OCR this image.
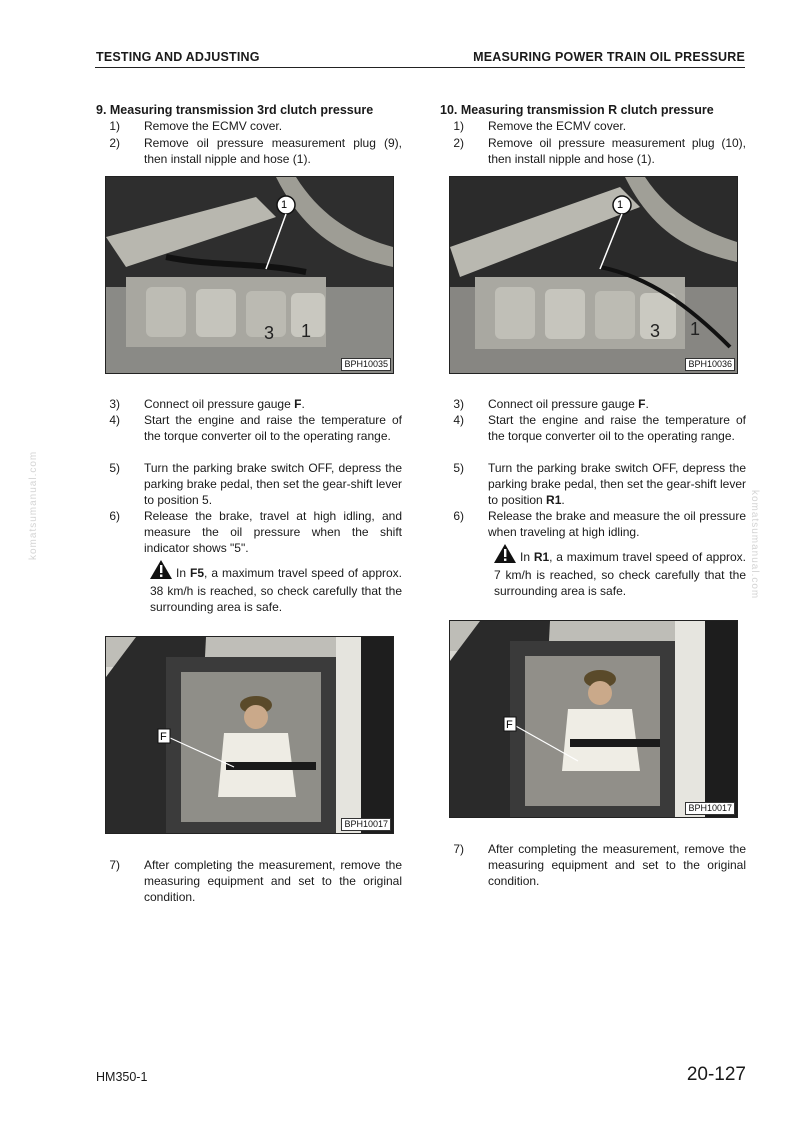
TESTING AND ADJUSTING	MEASURING POWER TRAIN OIL PRESSURE
komatsumanual.com	komatsumanual.com
9. Measuring transmission 3rd clutch pressure
1) Remove the ECMV cover.
2) Remove oil pressure measurement plug (9), then install nipple and hose (1).
3 1
1
BPH10035
3) Connect oil pressure gauge F.
4) Start the engine and raise the temperature of the torque converter oil to the operating range.
5) Turn the parking brake switch OFF, depress the parking brake pedal, then set the gear-shift lever to position 5.
6) Release the brake, travel at high idling, and measure the oil pressure when the shift indicator shows "5".
In F5, a maximum travel speed of approx. 38 km/h is reached, so check carefully that the surrounding area is safe.
F
BPH10017
7) After completing the measurement, remove the measuring equipment and set to the original condition.
10. Measuring transmission R clutch pressure
1) Remove the ECMV cover.
2) Remove oil pressure measurement plug (10), then install nipple and hose (1).
3 1
1
BPH10036
3) Connect oil pressure gauge F.
4) Start the engine and raise the temperature of the torque converter oil to the operating range.
5) Turn the parking brake switch OFF, depress the parking brake pedal, then set the gear-shift lever to position R1.
6) Release the brake and measure the oil pressure when traveling at high idling.
In R1, a maximum travel speed of approx. 7 km/h is reached, so check carefully that the surrounding area is safe.
F
BPH10017
7) After completing the measurement, remove the measuring equipment and set to the original condition.
HM350-1	20-127
